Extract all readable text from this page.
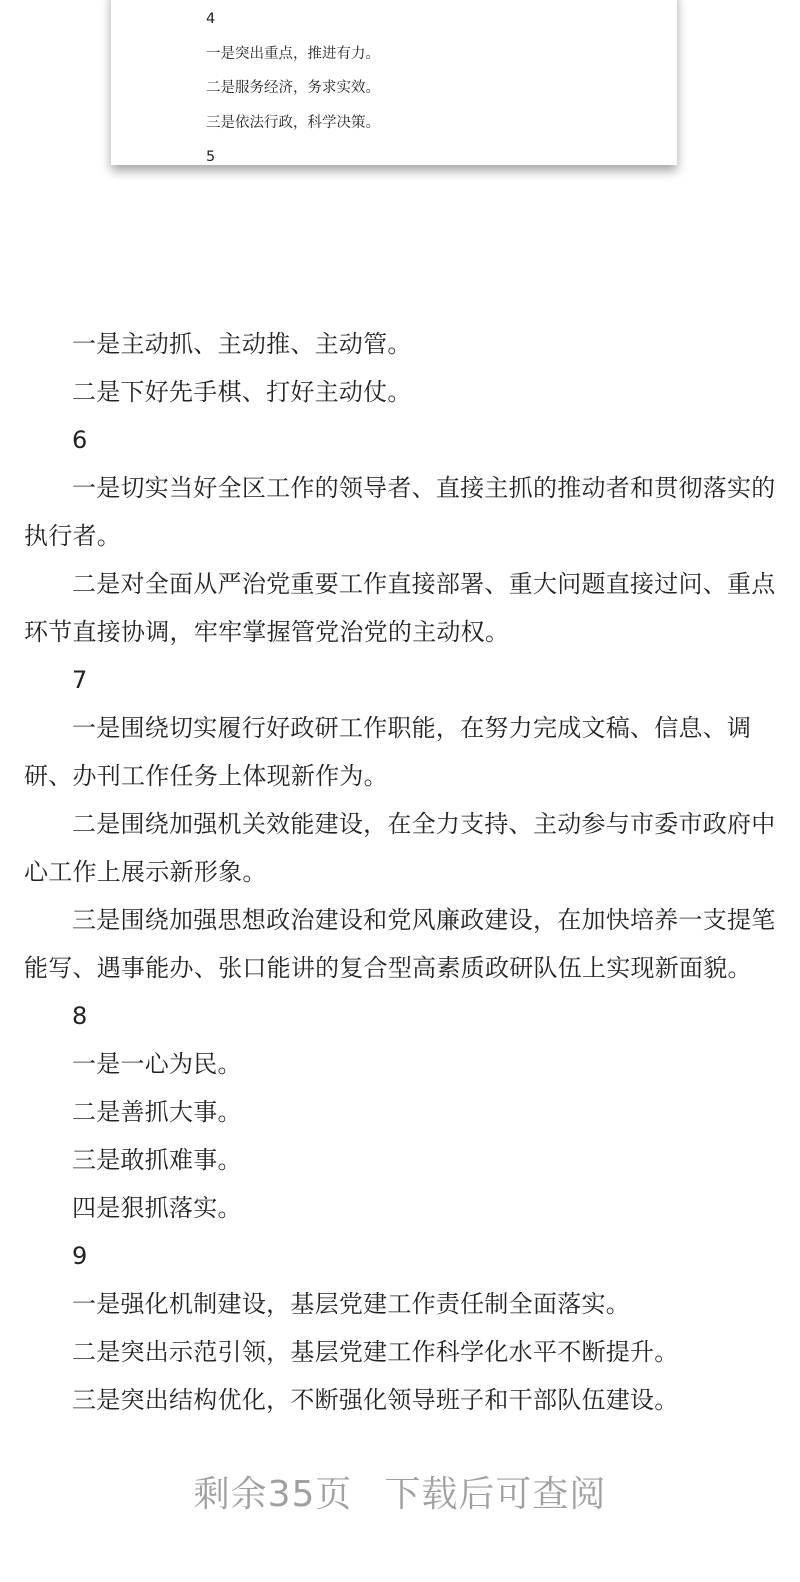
4
一是突出重点，推进有力。
二是服务经济，务求实效。
三是依法行政，科学决策。
5

一是主动抓、主动推、主动管。

二是下好先手棋、打好主动仗。

6

一是切实当好全区工作的领导者、直接主抓的推动者和贯彻落实的执行者。

二是对全面从严治党重要工作直接部署、重大问题直接过问、重点环节直接协调，牢牢掌握管党治党的主动权。

7

一是围绕切实履行好政研工作职能，在努力完成文稿、信息、调研、办刊工作任务上体现新作为。

二是围绕加强机关效能建设，在全力支持、主动参与市委市政府中心工作上展示新形象。

三是围绕加强思想政治建设和党风廉政建设，在加快培养一支提笔能写、遇事能办、张口能讲的复合型高素质政研队伍上实现新面貌。

8

一是一心为民。

二是善抓大事。

三是敢抓难事。

四是狠抓落实。

9

一是强化机制建设，基层党建工作责任制全面落实。

二是突出示范引领，基层党建工作科学化水平不断提升。

三是突出结构优化，不断强化领导班子和干部队伍建设。

剩余35页 下载后可查阅
